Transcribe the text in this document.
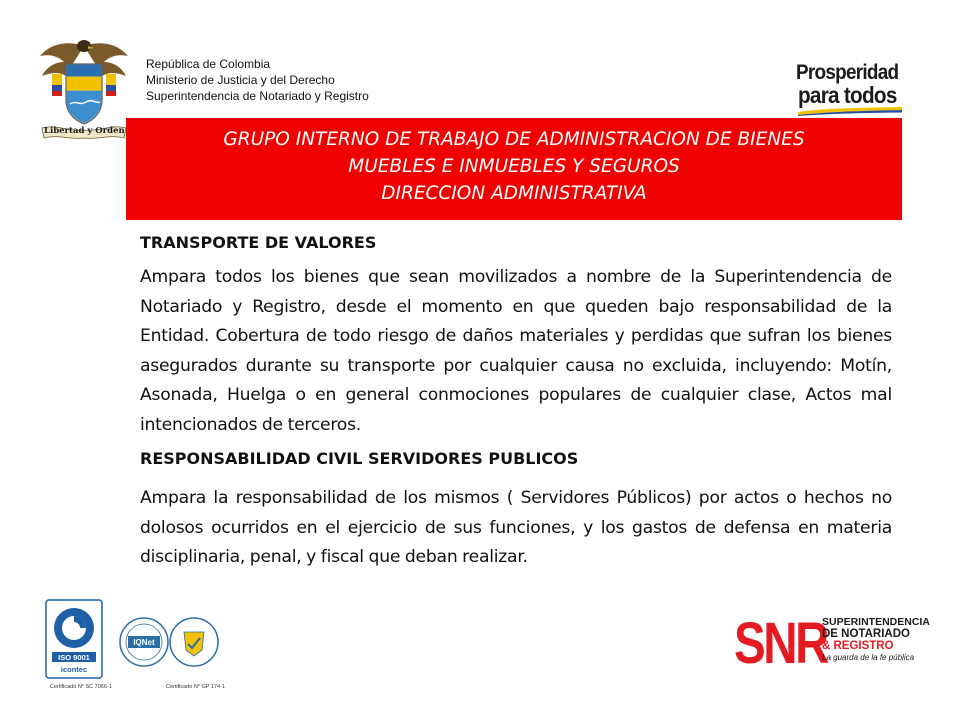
Libertad y Orden
República de Colombia
Ministerio de Justicia y del Derecho
Superintendencia de Notariado y Registro
Prosperidad
para todos
GRUPO INTERNO DE TRABAJO DE ADMINISTRACION DE BIENES
MUEBLES E INMUEBLES Y SEGUROS
DIRECCION ADMINISTRATIVA

TRANSPORTE DE VALORES

Ampara todos los bienes que sean movilizados a nombre de la Superintendencia de Notariado y Registro, desde el momento en que queden bajo responsabilidad de la Entidad. Cobertura de todo riesgo de daños materiales y perdidas que sufran los bienes asegurados durante su transporte por cualquier causa no excluida, incluyendo: Motín, Asonada, Huelga o en general conmociones populares de cualquier clase, Actos mal intencionados de terceros.

RESPONSABILIDAD CIVIL SERVIDORES PUBLICOS

Ampara la responsabilidad de los mismos ( Servidores Públicos) por actos o hechos no dolosos ocurridos en el ejercicio de sus funciones, y los gastos de defensa en materia disciplinaria, penal, y fiscal que deban realizar.

ISO 9001
icontec
IQNet
Certificado N° SC 7066-1	Certificado N° GP 174-1
SNR
SUPERINTENDENCIA
DE NOTARIADO
& REGISTRO
La guarda de la fe pública
